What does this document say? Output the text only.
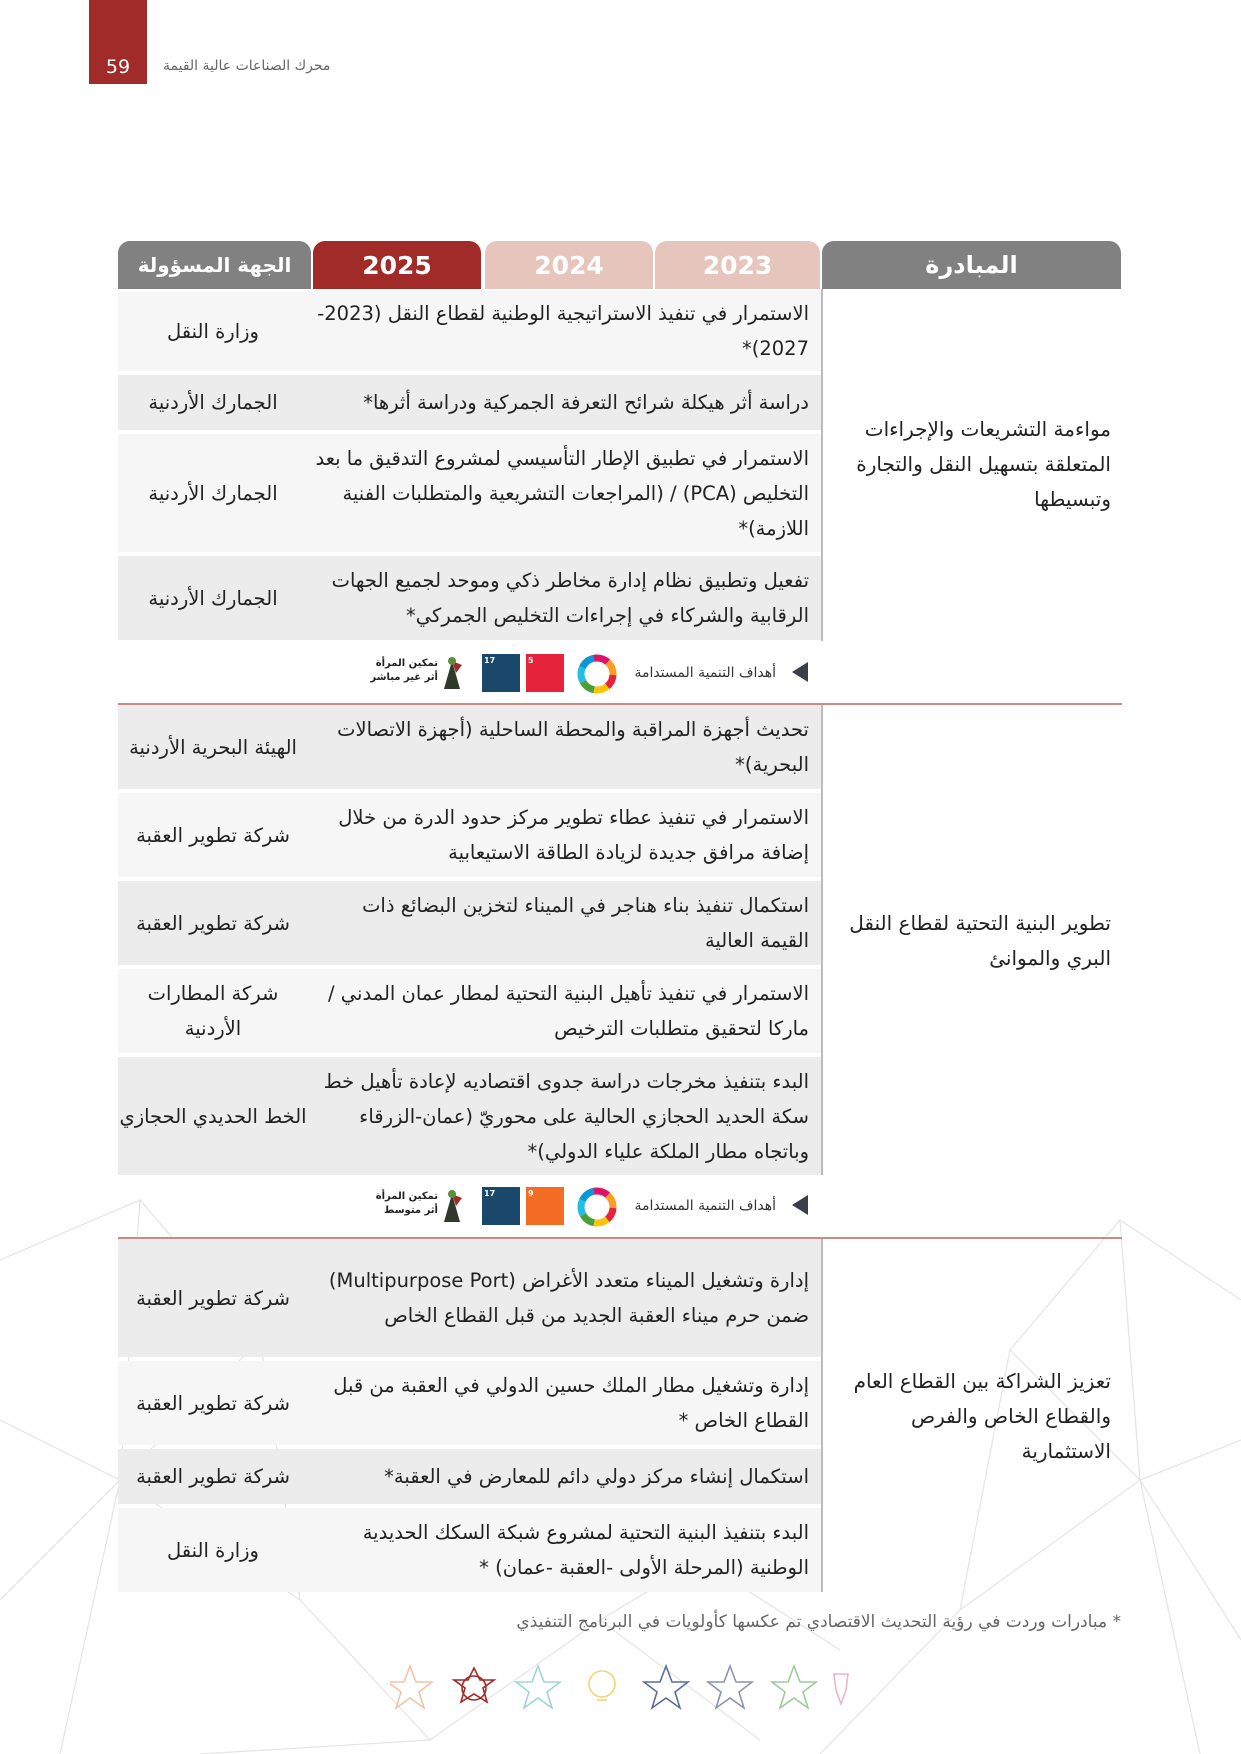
59	محرك الصناعات عالية القيمة
المبادرة
2023
2024
2025
الجهة المسؤولة
مواءمة التشريعات والإجراءات المتعلقة بتسهيل النقل والتجارة وتبسيطها
الاستمرار في تنفيذ الاستراتيجية الوطنية لقطاع النقل (2023-2027)*
وزارة النقل
دراسة أثر هيكلة شرائح التعرفة الجمركية ودراسة أثرها*
الجمارك الأردنية
الاستمرار في تطبيق الإطار التأسيسي لمشروع التدقيق ما بعد التخليص (PCA) / (المراجعات التشريعية والمتطلبات الفنية اللازمة)*
الجمارك الأردنية
تفعيل وتطبيق نظام إدارة مخاطر ذكي وموحد لجميع الجهات الرقابية والشركاء في إجراءات التخليص الجمركي*
الجمارك الأردنية
أهداف التنمية المستدامة
5
17
تمكين المرأة
أثر غير مباشر
تطوير البنية التحتية لقطاع النقل البري والموانئ
تحديث أجهزة المراقبة والمحطة الساحلية (أجهزة الاتصالات البحرية)*
الهيئة البحرية الأردنية
الاستمرار في تنفيذ عطاء تطوير مركز حدود الدرة من خلال إضافة مرافق جديدة لزيادة الطاقة الاستيعابية
شركة تطوير العقبة
استكمال تنفيذ بناء هناجر في الميناء لتخزين البضائع ذات القيمة العالية
شركة تطوير العقبة
الاستمرار في تنفيذ تأهيل البنية التحتية لمطار عمان المدني / ماركا لتحقيق متطلبات الترخيص
شركة المطارات الأردنية
البدء بتنفيذ مخرجات دراسة جدوى اقتصاديه لإعادة تأهيل خط سكة الحديد الحجازي الحالية على محوريّ (عمان-الزرقاء وباتجاه مطار الملكة علياء الدولي)*
الخط الحديدي الحجازي
أهداف التنمية المستدامة
9
17
تمكين المرأة
أثر متوسط
تعزيز الشراكة بين القطاع العام والقطاع الخاص والفرص الاستثمارية
إدارة وتشغيل الميناء متعدد الأغراض (Multipurpose Port) ضمن حرم ميناء العقبة الجديد من قبل القطاع الخاص
شركة تطوير العقبة
إدارة وتشغيل مطار الملك حسين الدولي في العقبة من قبل القطاع الخاص *
شركة تطوير العقبة
استكمال إنشاء مركز دولي دائم للمعارض في العقبة*
شركة تطوير العقبة
البدء بتنفيذ البنية التحتية لمشروع شبكة السكك الحديدية الوطنية (المرحلة الأولى -العقبة -عمان) *
وزارة النقل
* مبادرات وردت في رؤية التحديث الاقتصادي تم عكسها كأولويات في البرنامج التنفيذي
